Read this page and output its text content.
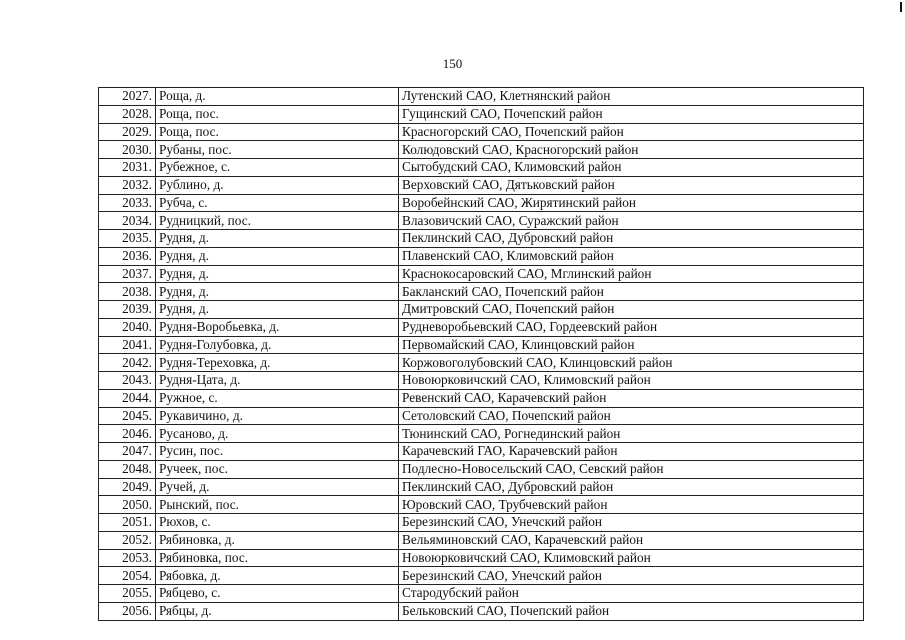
150
2027.	Роща, д.	Лутенский САО, Клетнянский район
2028.	Роща, пос.	Гущинский САО, Почепский район
2029.	Роща, пос.	Красногорский САО, Почепский район
2030.	Рубаны, пос.	Колюдовский САО, Красногорский район
2031.	Рубежное, с.	Сытобудский САО, Климовский район
2032.	Рублино, д.	Верховский САО, Дятьковский район
2033.	Рубча, с.	Воробейнский САО, Жирятинский район
2034.	Рудницкий, пос.	Влазовичский САО, Суражский район
2035.	Рудня, д.	Пеклинский САО, Дубровский район
2036.	Рудня, д.	Плавенский САО, Климовский район
2037.	Рудня, д.	Краснокосаровский САО, Мглинский район
2038.	Рудня, д.	Бакланский САО, Почепский район
2039.	Рудня, д.	Дмитровский САО, Почепский район
2040.	Рудня-Воробьевка, д.	Рудневоробьевский САО, Гордеевский район
2041.	Рудня-Голубовка, д.	Первомайский САО, Клинцовский район
2042.	Рудня-Тереховка, д.	Коржовоголубовский САО, Клинцовский район
2043.	Рудня-Цата, д.	Новоюрковичский САО, Климовский район
2044.	Ружное, с.	Ревенский САО, Карачевский район
2045.	Рукавичино, д.	Сетоловский САО, Почепский район
2046.	Русаново, д.	Тюнинский САО, Рогнединский район
2047.	Русин, пос.	Карачевский ГАО, Карачевский район
2048.	Ручеек, пос.	Подлесно-Новосельский САО, Севский район
2049.	Ручей, д.	Пеклинский САО, Дубровский район
2050.	Рынский, пос.	Юровский САО, Трубчевский район
2051.	Рюхов, с.	Березинский САО, Унечский район
2052.	Рябиновка, д.	Вельяминовский САО, Карачевский район
2053.	Рябиновка, пос.	Новоюрковичский САО, Климовский район
2054.	Рябовка, д.	Березинский САО, Унечский район
2055.	Рябцево, с.	Стародубский район
2056.	Рябцы, д.	Бельковский САО, Почепский район
